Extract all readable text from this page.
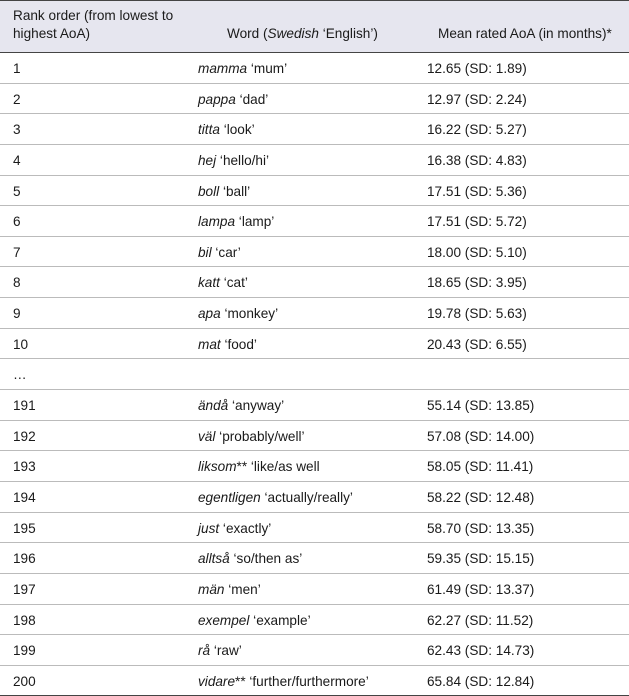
Rank order (from lowest to highest AoA)	Word (Swedish ‘English’)	Mean rated AoA (in months)*
1	mamma ‘mum’	12.65 (SD: 1.89)
2	pappa ‘dad’	12.97 (SD: 2.24)
3	titta ‘look’	16.22 (SD: 5.27)
4	hej ‘hello/hi’	16.38 (SD: 4.83)
5	boll ‘ball’	17.51 (SD: 5.36)
6	lampa ‘lamp’	17.51 (SD: 5.72)
7	bil ‘car’	18.00 (SD: 5.10)
8	katt ‘cat’	18.65 (SD: 3.95)
9	apa ‘monkey’	19.78 (SD: 5.63)
10	mat ‘food’	20.43 (SD: 6.55)
…
191	ändå ‘anyway’	55.14 (SD: 13.85)
192	väl ‘probably/well’	57.08 (SD: 14.00)
193	liksom** ‘like/as well	58.05 (SD: 11.41)
194	egentligen ‘actually/really’	58.22 (SD: 12.48)
195	just ‘exactly’	58.70 (SD: 13.35)
196	alltså ‘so/then as’	59.35 (SD: 15.15)
197	män ‘men’	61.49 (SD: 13.37)
198	exempel ‘example’	62.27 (SD: 11.52)
199	rå ‘raw’	62.43 (SD: 14.73)
200	vidare** ‘further/furthermore’	65.84 (SD: 12.84)
